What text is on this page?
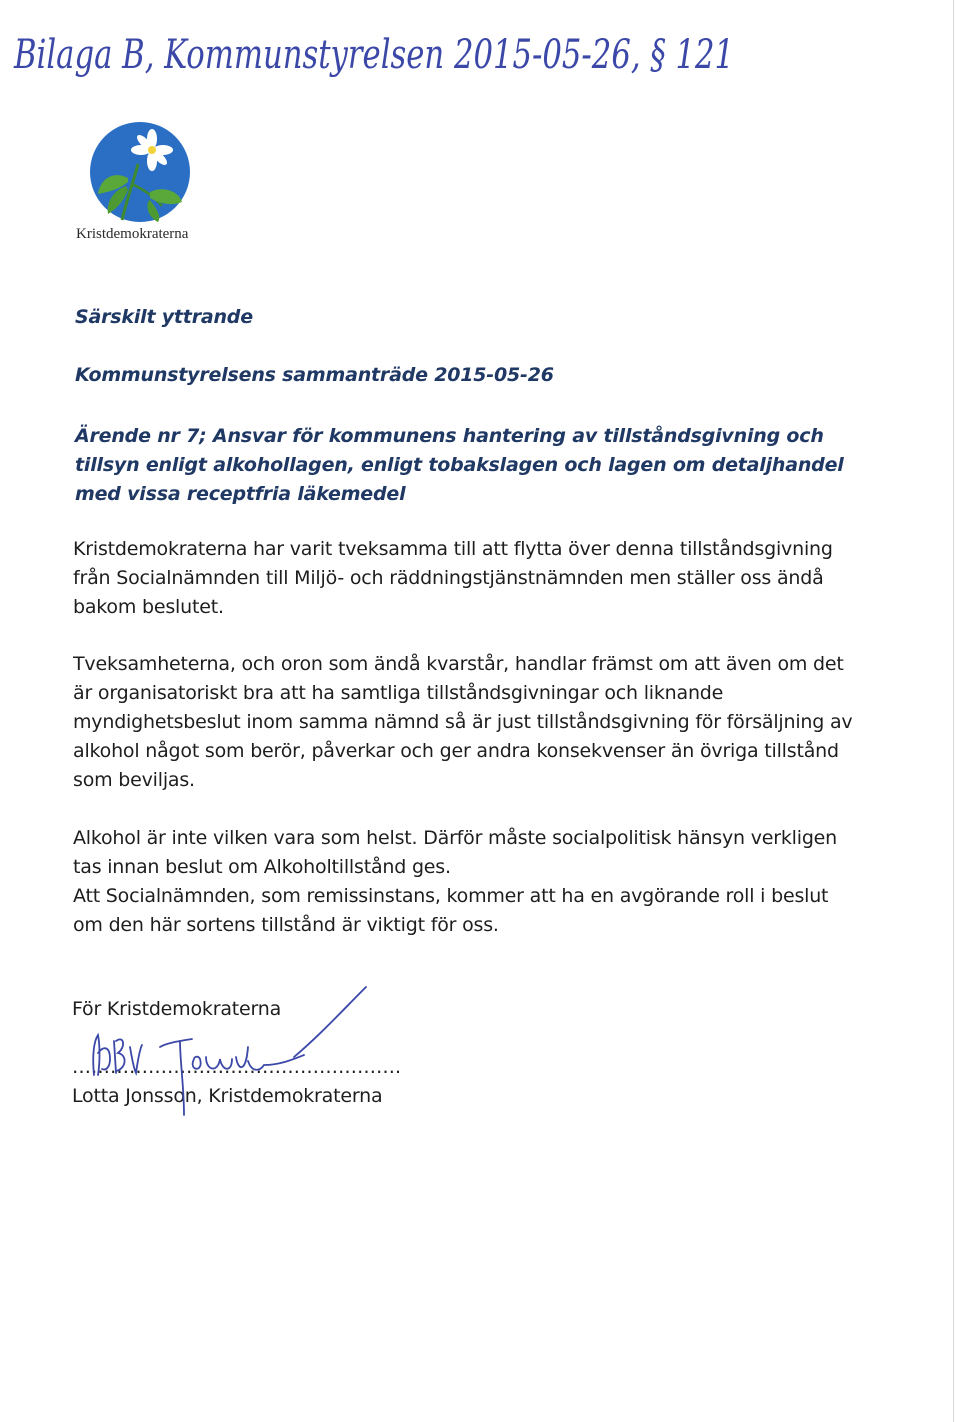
Bilaga B, Kommunstyrelsen 2015-05-26, § 121
Kristdemokraterna
Särskilt yttrande
Kommunstyrelsens sammanträde 2015-05-26
Ärende nr 7; Ansvar för kommunens hantering av tillståndsgivning och tillsyn enligt alkohollagen, enligt tobakslagen och lagen om detaljhandel med vissa receptfria läkemedel
Kristdemokraterna har varit tveksamma till att flytta över denna tillståndsgivning från Socialnämnden till Miljö- och räddningstjänstnämnden men ställer oss ändå bakom beslutet.
Tveksamheterna, och oron som ändå kvarstår, handlar främst om att även om det är organisatoriskt bra att ha samtliga tillståndsgivningar och liknande myndighetsbeslut inom samma nämnd så är just tillståndsgivning för försäljning av alkohol något som berör, påverkar och ger andra konsekvenser än övriga tillstånd som beviljas.
Alkohol är inte vilken vara som helst. Därför måste socialpolitisk hänsyn verkligen tas innan beslut om Alkoholtillstånd ges.
Att Socialnämnden, som remissinstans, kommer att ha en avgörande roll i beslut om den här sortens tillstånd är viktigt för oss.
För Kristdemokraterna
…………………………………………….
Lotta Jonsson, Kristdemokraterna
